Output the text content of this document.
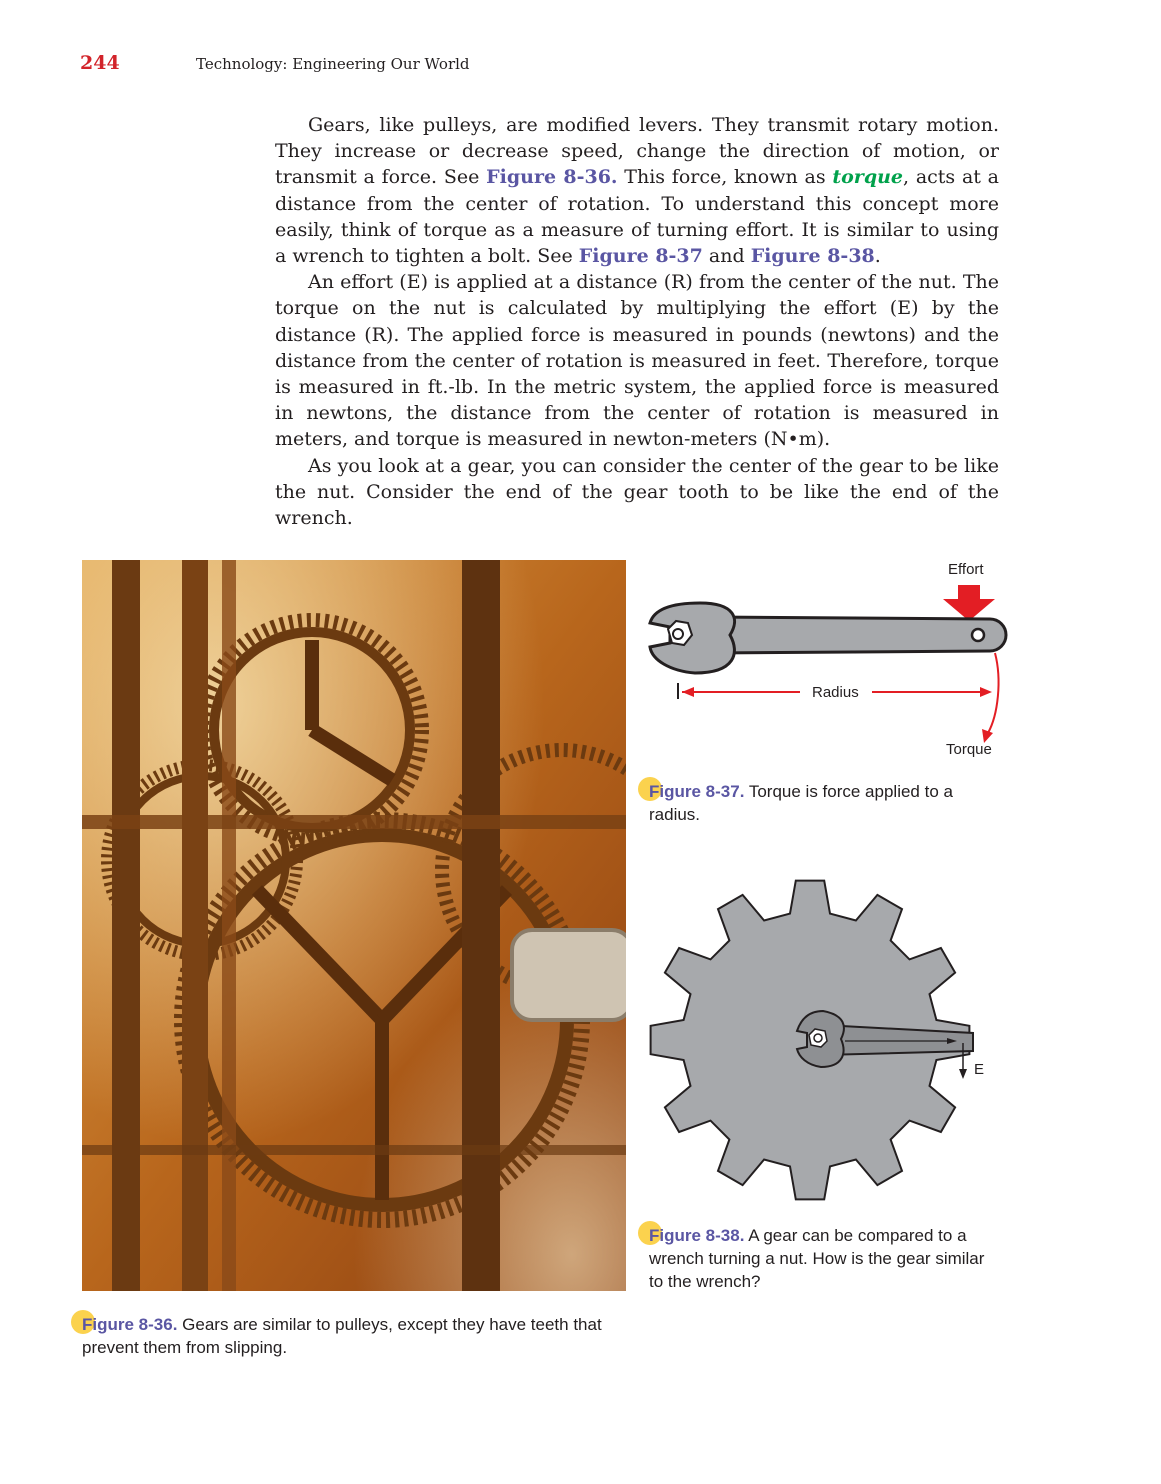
244	Technology: Engineering Our World

Gears, like pulleys, are modified levers. They transmit rotary motion. They increase or decrease speed, change the direction of motion, or transmit a force. See Figure 8-36. This force, known as torque, acts at a distance from the center of rotation. To understand this concept more easily, think of torque as a measure of turning effort. It is similar to using a wrench to tighten a bolt. See Figure 8-37 and Figure 8-38.

An effort (E) is applied at a distance (R) from the center of the nut. The torque on the nut is calculated by multiplying the effort (E) by the distance (R). The applied force is measured in pounds (newtons) and the distance from the center of rotation is measured in feet. Therefore, torque is measured in ft.-lb. In the metric system, the applied force is measured in newtons, the distance from the center of rotation is measured in meters, and torque is measured in newton-meters (N•m).

As you look at a gear, you can consider the center of the gear to be like the nut. Consider the end of the gear tooth to be like the end of the wrench.

Figure 8-36. Gears are similar to pulleys, except they have teeth that prevent them from slipping.
Effort
Radius
Torque
Figure 8-37. Torque is force applied to a radius.
E
Figure 8-38. A gear can be compared to a wrench turning a nut. How is the gear similar to the wrench?
